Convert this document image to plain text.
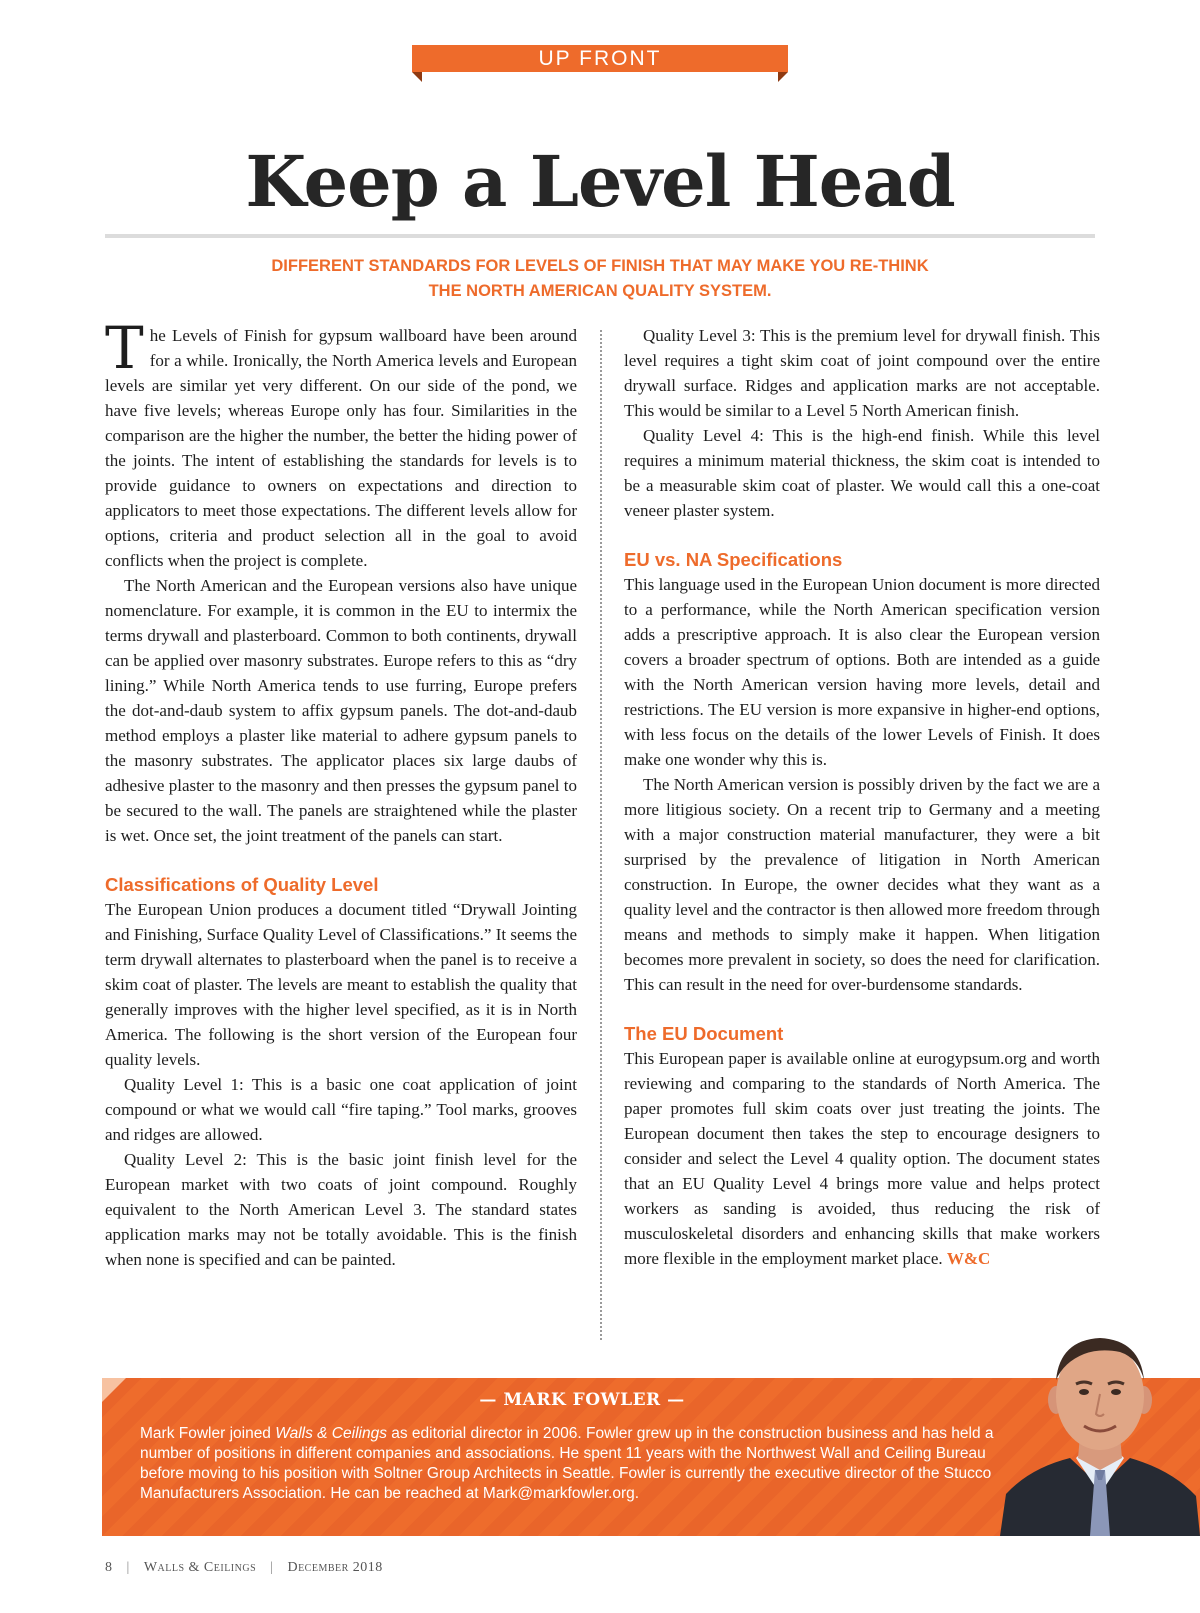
UP FRONT
Keep a Level Head

DIFFERENT STANDARDS FOR LEVELS OF FINISH THAT MAY MAKE YOU RE-THINK
THE NORTH AMERICAN QUALITY SYSTEM.

The Levels of Finish for gypsum wallboard have been around for a while. Ironically, the North America levels and European levels are similar yet very different. On our side of the pond, we have five levels; whereas Europe only has four. Similarities in the comparison are the higher the number, the better the hiding power of the joints. The intent of establishing the standards for levels is to provide guidance to owners on expectations and direction to applicators to meet those expectations. The different levels allow for options, criteria and product selection all in the goal to avoid conflicts when the project is complete.

The North American and the European versions also have unique nomenclature. For example, it is common in the EU to intermix the terms drywall and plasterboard. Common to both continents, drywall can be applied over masonry substrates. Europe refers to this as “dry lining.” While North America tends to use furring, Europe prefers the dot-and-daub system to affix gypsum panels. The dot-and-daub method employs a plaster like material to adhere gypsum panels to the masonry substrates. The applicator places six large daubs of adhesive plaster to the masonry and then presses the gypsum panel to be secured to the wall. The panels are straightened while the plaster is wet. Once set, the joint treatment of the panels can start.

Classifications of Quality Level

The European Union produces a document titled “Drywall Jointing and Finishing, Surface Quality Level of Classifications.” It seems the term drywall alternates to plasterboard when the panel is to receive a skim coat of plaster. The levels are meant to establish the quality that generally improves with the higher level specified, as it is in North America. The following is the short version of the European four quality levels.

Quality Level 1: This is a basic one coat application of joint compound or what we would call “fire taping.” Tool marks, grooves and ridges are allowed.

Quality Level 2: This is the basic joint finish level for the European market with two coats of joint compound. Roughly equivalent to the North American Level 3. The standard states application marks may not be totally avoidable. This is the finish when none is specified and can be painted.

Quality Level 3: This is the premium level for drywall finish. This level requires a tight skim coat of joint compound over the entire drywall surface. Ridges and application marks are not acceptable. This would be similar to a Level 5 North American finish.

Quality Level 4: This is the high-end finish. While this level requires a minimum material thickness, the skim coat is intended to be a measurable skim coat of plaster. We would call this a one-coat veneer plaster system.

EU vs. NA Specifications

This language used in the European Union document is more directed to a performance, while the North American specification version adds a prescriptive approach. It is also clear the European version covers a broader spectrum of options. Both are intended as a guide with the North American version having more levels, detail and restrictions. The EU version is more expansive in higher-end options, with less focus on the details of the lower Levels of Finish. It does make one wonder why this is.

The North American version is possibly driven by the fact we are a more litigious society. On a recent trip to Germany and a meeting with a major construction material manufacturer, they were a bit surprised by the prevalence of litigation in North American construction. In Europe, the owner decides what they want as a quality level and the contractor is then allowed more freedom through means and methods to simply make it happen. When litigation becomes more prevalent in society, so does the need for clarification. This can result in the need for over-burdensome standards.

The EU Document

This European paper is available online at eurogypsum.org and worth reviewing and comparing to the standards of North America. The paper promotes full skim coats over just treating the joints. The European document then takes the step to encourage designers to consider and select the Level 4 quality option. The document states that an EU Quality Level 4 brings more value and helps protect workers as sanding is avoided, thus reducing the risk of musculoskeletal disorders and enhancing skills that make workers more flexible in the employment market place. W&C

— MARK FOWLER —

Mark Fowler joined Walls & Ceilings as editorial director in 2006. Fowler grew up in the construction business and has held a number of positions in different companies and associations. He spent 11 years with the Northwest Wall and Ceiling Bureau before moving to his position with Soltner Group Architects in Seattle. Fowler is currently the executive director of the Stucco Manufacturers Association. He can be reached at Mark@markfowler.org.

8 | Walls & Ceilings | December 2018
